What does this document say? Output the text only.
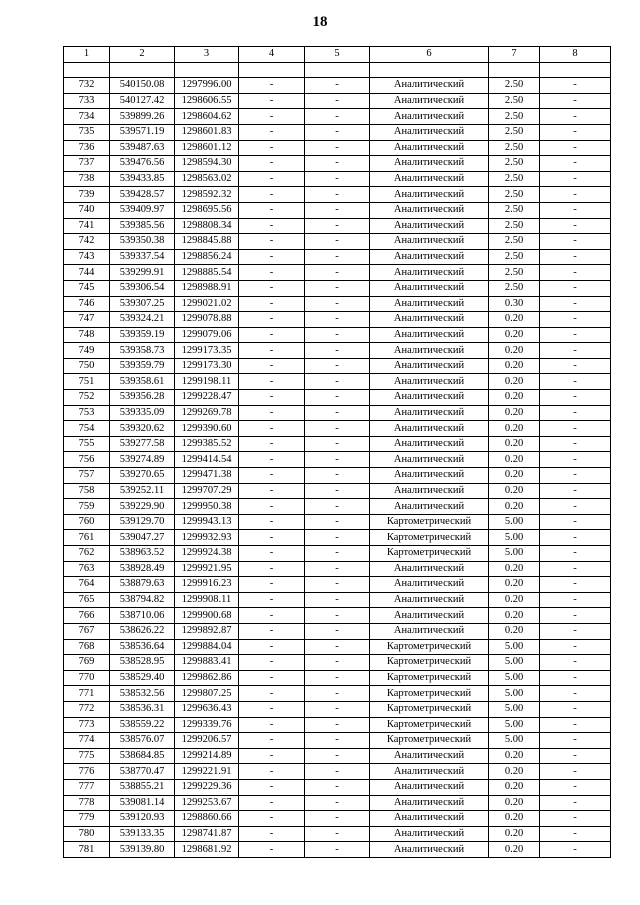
18
1	2	3	4	5	6	7	8

732	540150.08	1297996.00	-	-	Аналитический	2.50	-
733	540127.42	1298606.55	-	-	Аналитический	2.50	-
734	539899.26	1298604.62	-	-	Аналитический	2.50	-
735	539571.19	1298601.83	-	-	Аналитический	2.50	-
736	539487.63	1298601.12	-	-	Аналитический	2.50	-
737	539476.56	1298594.30	-	-	Аналитический	2.50	-
738	539433.85	1298563.02	-	-	Аналитический	2.50	-
739	539428.57	1298592.32	-	-	Аналитический	2.50	-
740	539409.97	1298695.56	-	-	Аналитический	2.50	-
741	539385.56	1298808.34	-	-	Аналитический	2.50	-
742	539350.38	1298845.88	-	-	Аналитический	2.50	-
743	539337.54	1298856.24	-	-	Аналитический	2.50	-
744	539299.91	1298885.54	-	-	Аналитический	2.50	-
745	539306.54	1298988.91	-	-	Аналитический	2.50	-
746	539307.25	1299021.02	-	-	Аналитический	0.30	-
747	539324.21	1299078.88	-	-	Аналитический	0.20	-
748	539359.19	1299079.06	-	-	Аналитический	0.20	-
749	539358.73	1299173.35	-	-	Аналитический	0.20	-
750	539359.79	1299173.30	-	-	Аналитический	0.20	-
751	539358.61	1299198.11	-	-	Аналитический	0.20	-
752	539356.28	1299228.47	-	-	Аналитический	0.20	-
753	539335.09	1299269.78	-	-	Аналитический	0.20	-
754	539320.62	1299390.60	-	-	Аналитический	0.20	-
755	539277.58	1299385.52	-	-	Аналитический	0.20	-
756	539274.89	1299414.54	-	-	Аналитический	0.20	-
757	539270.65	1299471.38	-	-	Аналитический	0.20	-
758	539252.11	1299707.29	-	-	Аналитический	0.20	-
759	539229.90	1299950.38	-	-	Аналитический	0.20	-
760	539129.70	1299943.13	-	-	Картометрический	5.00	-
761	539047.27	1299932.93	-	-	Картометрический	5.00	-
762	538963.52	1299924.38	-	-	Картометрический	5.00	-
763	538928.49	1299921.95	-	-	Аналитический	0.20	-
764	538879.63	1299916.23	-	-	Аналитический	0.20	-
765	538794.82	1299908.11	-	-	Аналитический	0.20	-
766	538710.06	1299900.68	-	-	Аналитический	0.20	-
767	538626.22	1299892.87	-	-	Аналитический	0.20	-
768	538536.64	1299884.04	-	-	Картометрический	5.00	-
769	538528.95	1299883.41	-	-	Картометрический	5.00	-
770	538529.40	1299862.86	-	-	Картометрический	5.00	-
771	538532.56	1299807.25	-	-	Картометрический	5.00	-
772	538536.31	1299636.43	-	-	Картометрический	5.00	-
773	538559.22	1299339.76	-	-	Картометрический	5.00	-
774	538576.07	1299206.57	-	-	Картометрический	5.00	-
775	538684.85	1299214.89	-	-	Аналитический	0.20	-
776	538770.47	1299221.91	-	-	Аналитический	0.20	-
777	538855.21	1299229.36	-	-	Аналитический	0.20	-
778	539081.14	1299253.67	-	-	Аналитический	0.20	-
779	539120.93	1298860.66	-	-	Аналитический	0.20	-
780	539133.35	1298741.87	-	-	Аналитический	0.20	-
781	539139.80	1298681.92	-	-	Аналитический	0.20	-
